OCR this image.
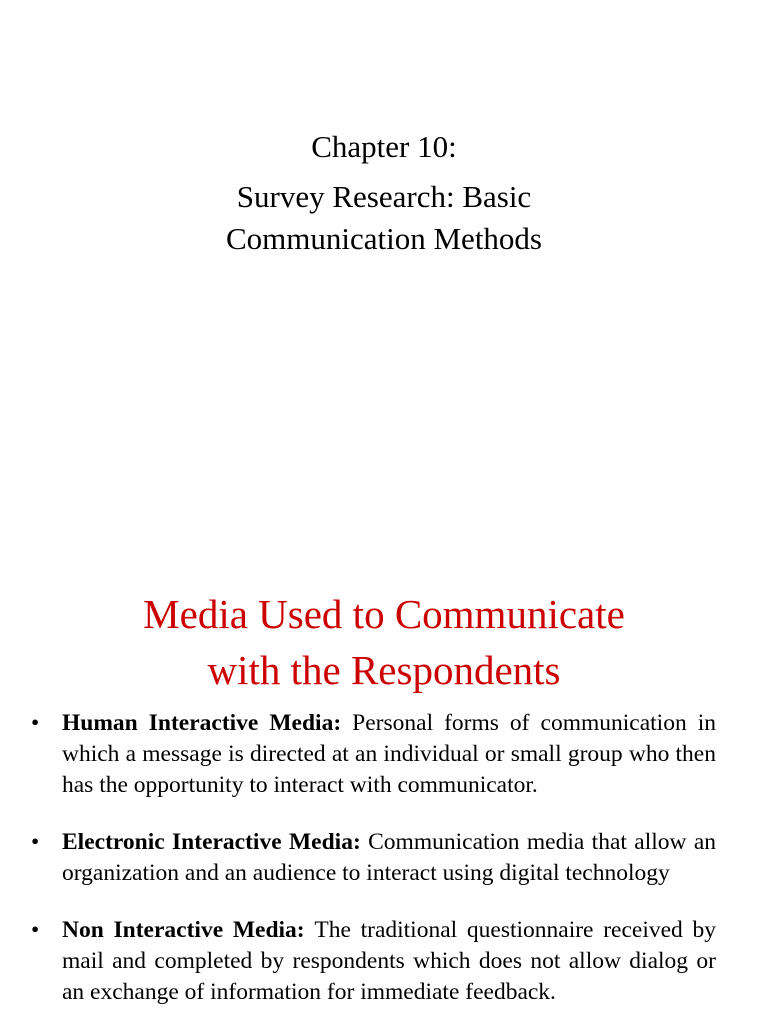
Chapter 10:
Survey Research: Basic
Communication Methods
Media Used to Communicate
with the Respondents
• Human Interactive Media: Personal forms of communication in which a message is directed at an individual or small group who then has the opportunity to interact with communicator.
• Electronic Interactive Media: Communication media that allow an organization and an audience to interact using digital technology
• Non Interactive Media: The traditional questionnaire received by mail and completed by respondents which does not allow dialog or an exchange of information for immediate feedback.
